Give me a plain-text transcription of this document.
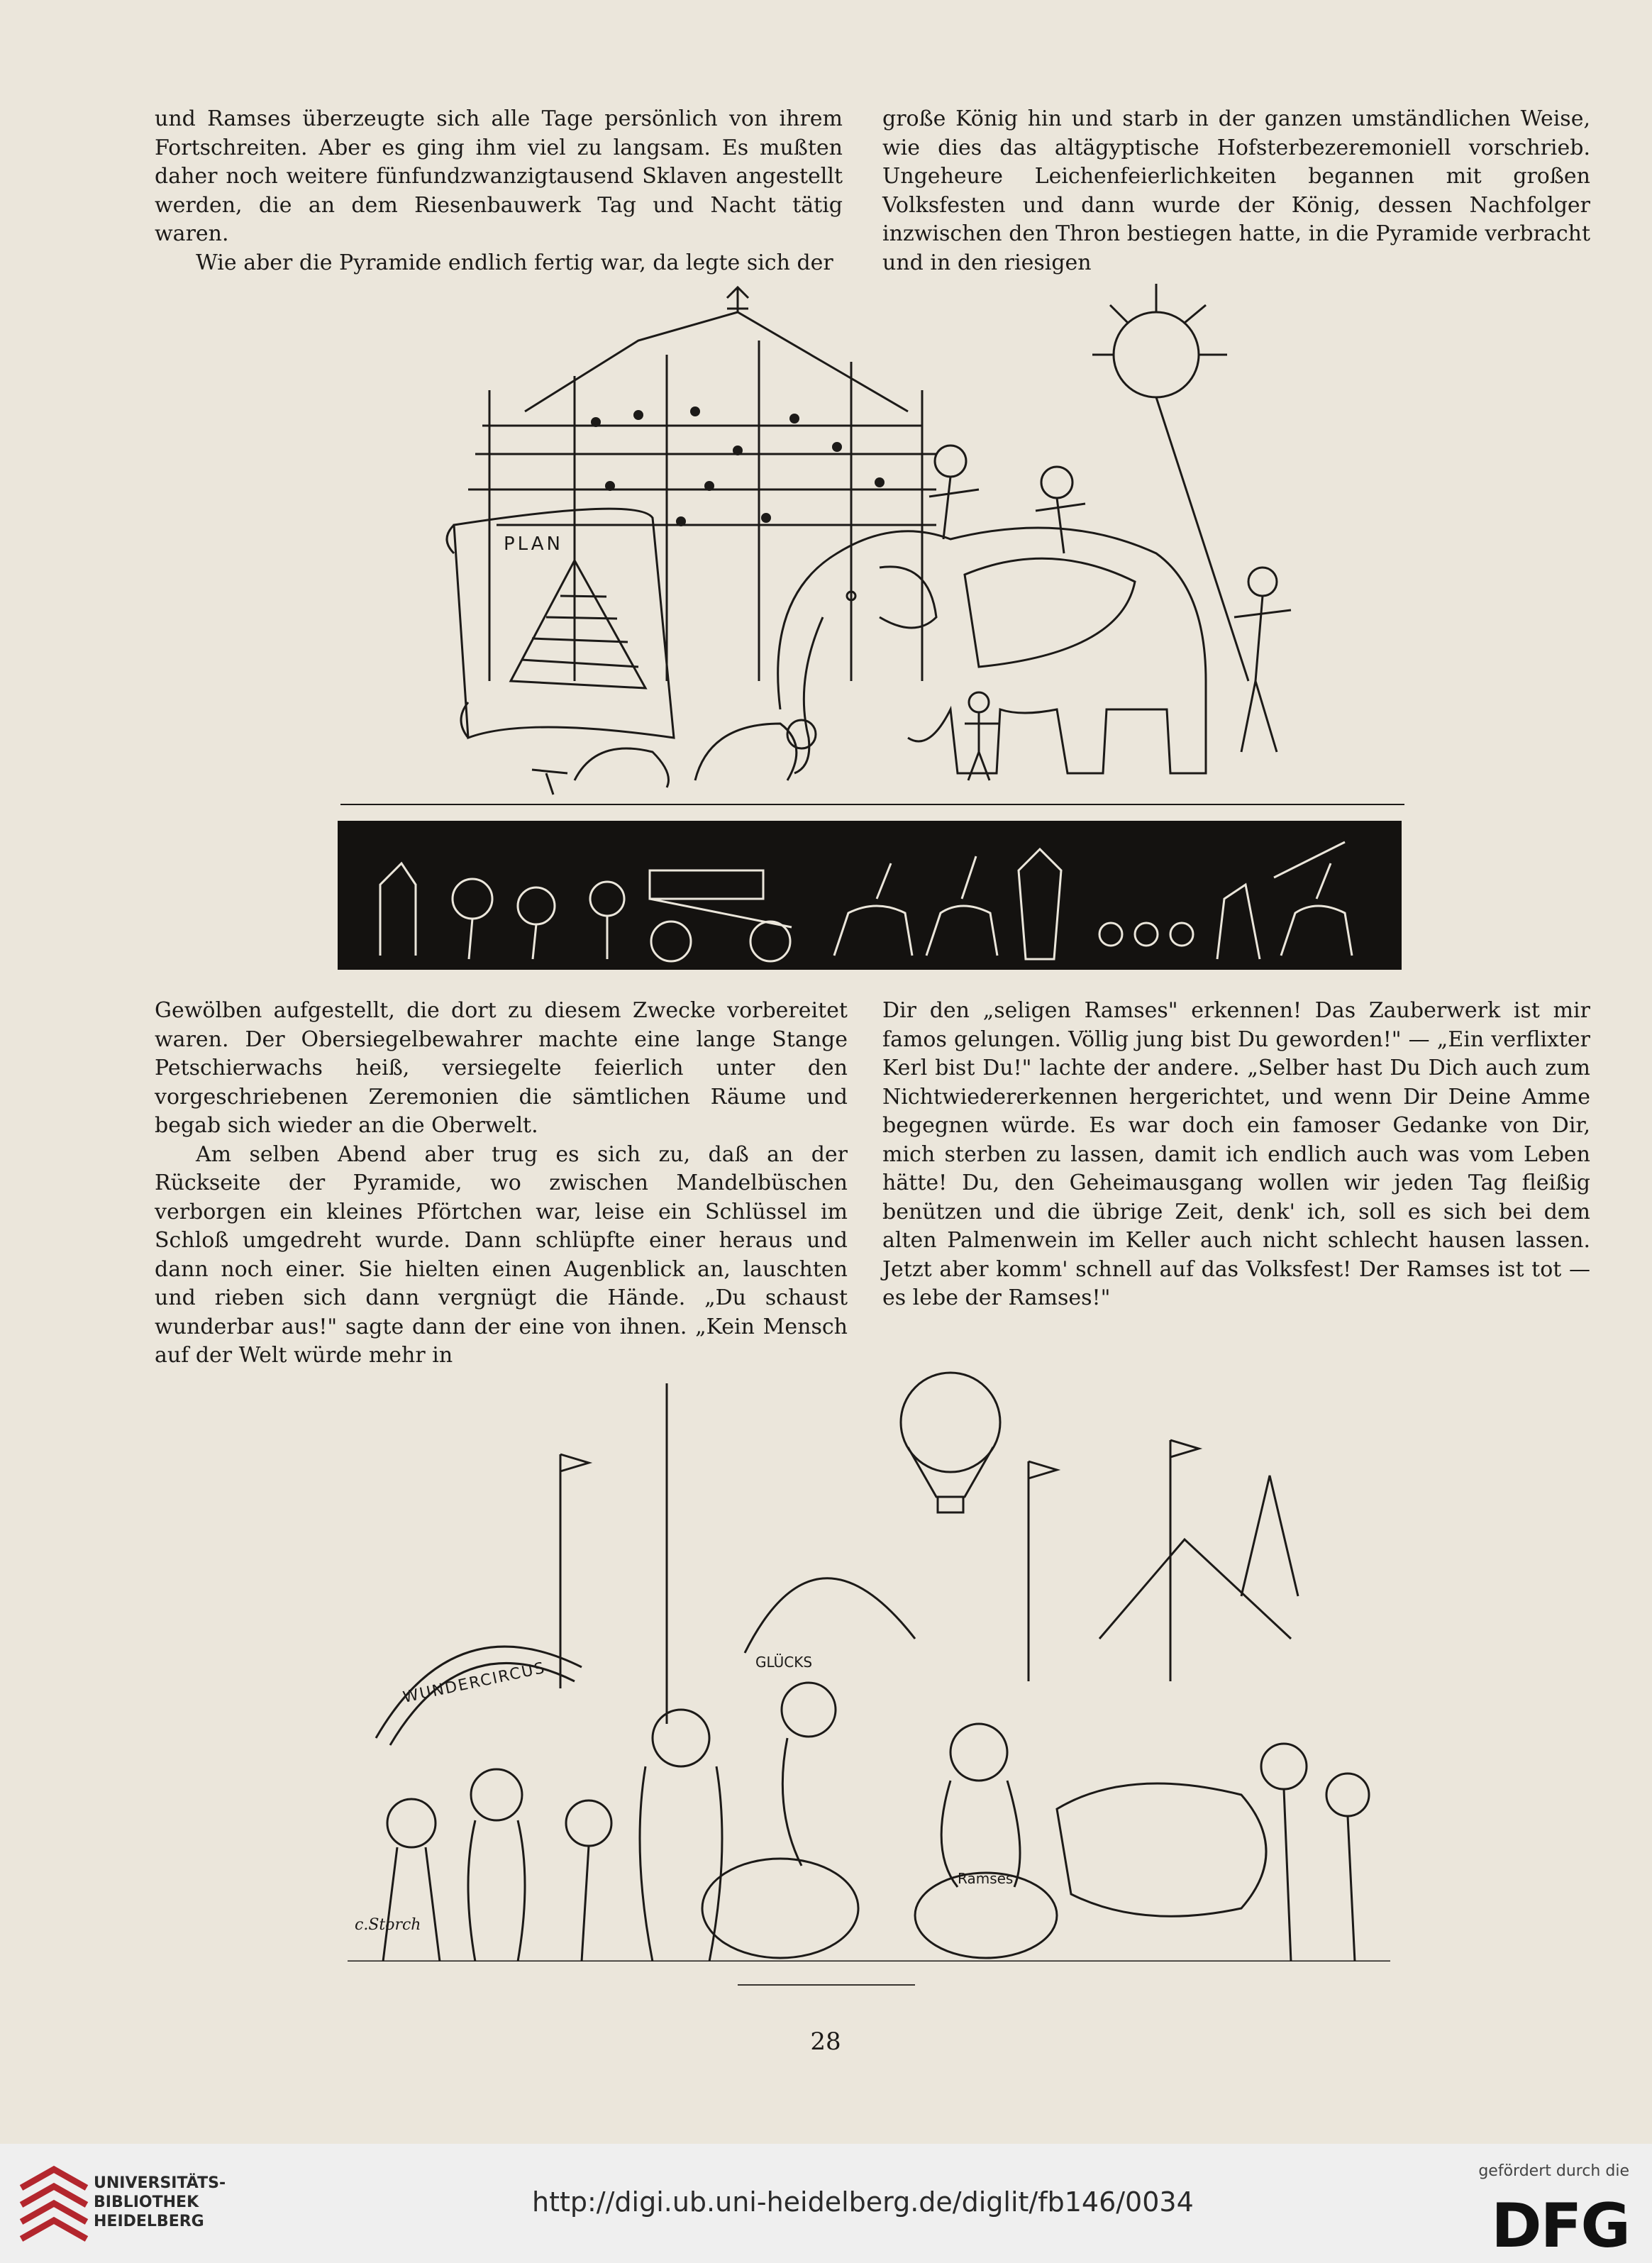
und Ramses überzeugte sich alle Tage persönlich von ihrem Fortschreiten. Aber es ging ihm viel zu langsam. Es mußten daher noch weitere fünfundzwanzigtausend Sklaven angestellt werden, die an dem Riesenbauwerk Tag und Nacht tätig waren.

Wie aber die Pyramide endlich fertig war, da legte sich der

große König hin und starb in der ganzen umständlichen Weise, wie dies das altägyptische Hofsterbezeremoniell vorschrieb. Ungeheure Leichenfeierlichkeiten begannen mit großen Volksfesten und dann wurde der König, dessen Nachfolger inzwischen den Thron bestiegen hatte, in die Pyramide verbracht und in den riesigen

PLAN

Gewölben aufgestellt, die dort zu diesem Zwecke vorbereitet waren. Der Obersiegelbewahrer machte eine lange Stange Petschierwachs heiß, versiegelte feierlich unter den vorgeschriebenen Zeremonien die sämtlichen Räume und begab sich wieder an die Oberwelt.

Am selben Abend aber trug es sich zu, daß an der Rückseite der Pyramide, wo zwischen Mandelbüschen verborgen ein kleines Pförtchen war, leise ein Schlüssel im Schloß umgedreht wurde. Dann schlüpfte einer heraus und dann noch einer. Sie hielten einen Augenblick an, lauschten und rieben sich dann vergnügt die Hände. „Du schaust wunderbar aus!" sagte dann der eine von ihnen. „Kein Mensch auf der Welt würde mehr in

Dir den „seligen Ramses" erkennen! Das Zauberwerk ist mir famos gelungen. Völlig jung bist Du geworden!" — „Ein verflixter Kerl bist Du!" lachte der andere. „Selber hast Du Dich auch zum Nichtwiedererkennen hergerichtet, und wenn Dir Deine Amme begegnen würde. Es war doch ein famoser Gedanke von Dir, mich sterben zu lassen, damit ich endlich auch was vom Leben hätte! Du, den Geheimausgang wollen wir jeden Tag fleißig benützen und die übrige Zeit, denk' ich, soll es sich bei dem alten Palmenwein im Keller auch nicht schlecht hausen lassen. Jetzt aber komm' schnell auf das Volksfest! Der Ramses ist tot — es lebe der Ramses!"

WUNDERCIRCUS	GLÜCKS
Ramses
c.Storch
28
UNIVERSITÄTS-
BIBLIOTHEK
HEIDELBERG
http://digi.ub.uni-heidelberg.de/diglit/fb146/0034
gefördert durch die
DFG
